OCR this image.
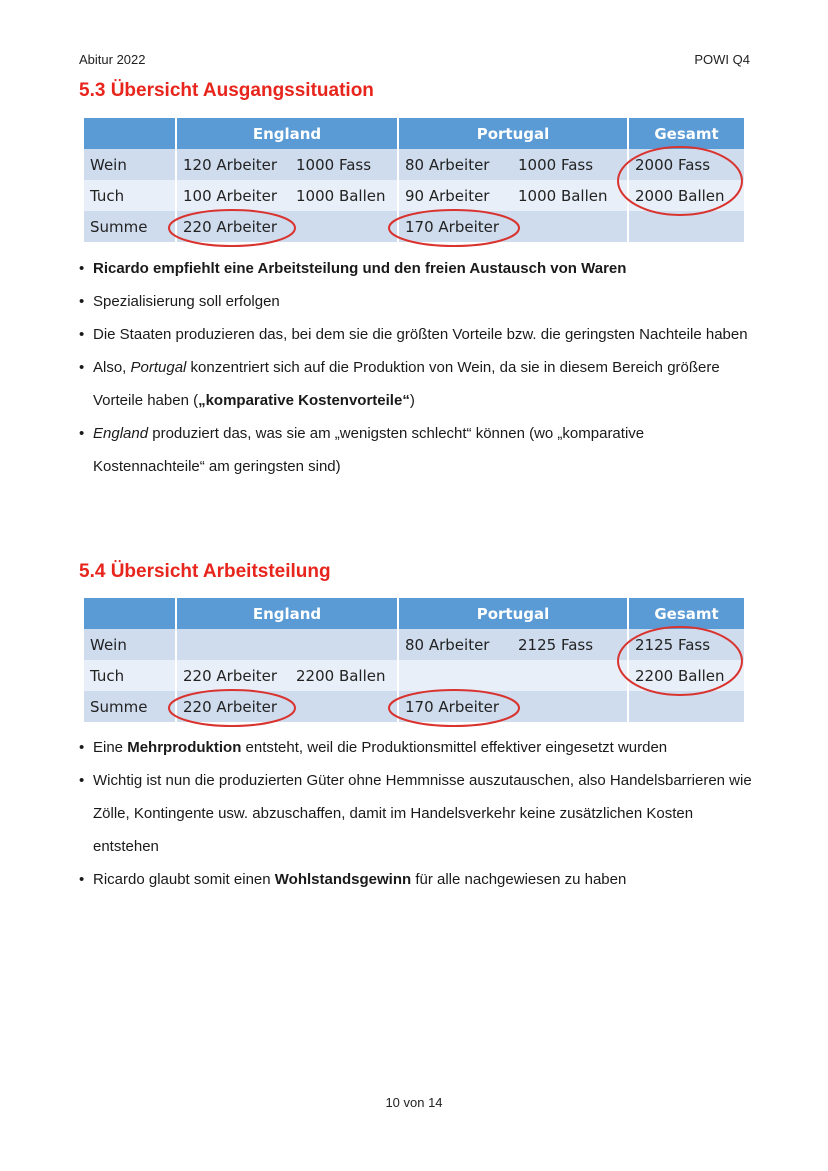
Abitur 2022	POWI Q4
5.3 Übersicht Ausgangssituation
	England		Portugal		Gesamt
Wein	120 Arbeiter	1000 Fass	80 Arbeiter	1000 Fass	2000 Fass
Tuch	100 Arbeiter	1000 Ballen	90 Arbeiter	1000 Ballen	2000 Ballen
Summe	220 Arbeiter		170 Arbeiter		
• Ricardo empfiehlt eine Arbeitsteilung und den freien Austausch von Waren
• Spezialisierung soll erfolgen
• Die Staaten produzieren das, bei dem sie die größten Vorteile bzw. die geringsten Nachteile haben
• Also, Portugal konzentriert sich auf die Produktion von Wein, da sie in diesem Bereich größere Vorteile haben („komparative Kostenvorteile“)
• England produziert das, was sie am „wenigsten schlecht“ können (wo „komparative Kostennachteile“ am geringsten sind)
5.4 Übersicht Arbeitsteilung
	England		Portugal		Gesamt
Wein			80 Arbeiter	2125 Fass	2125 Fass
Tuch	220 Arbeiter	2200 Ballen			2200 Ballen
Summe	220 Arbeiter		170 Arbeiter		
• Eine Mehrproduktion entsteht, weil die Produktionsmittel effektiver eingesetzt wurden
• Wichtig ist nun die produzierten Güter ohne Hemmnisse auszutauschen, also Handelsbarrieren wie Zölle, Kontingente usw. abzuschaffen, damit im Handelsverkehr keine zusätzlichen Kosten entstehen
• Ricardo glaubt somit einen Wohlstandsgewinn für alle nachgewiesen zu haben
10 von 14
